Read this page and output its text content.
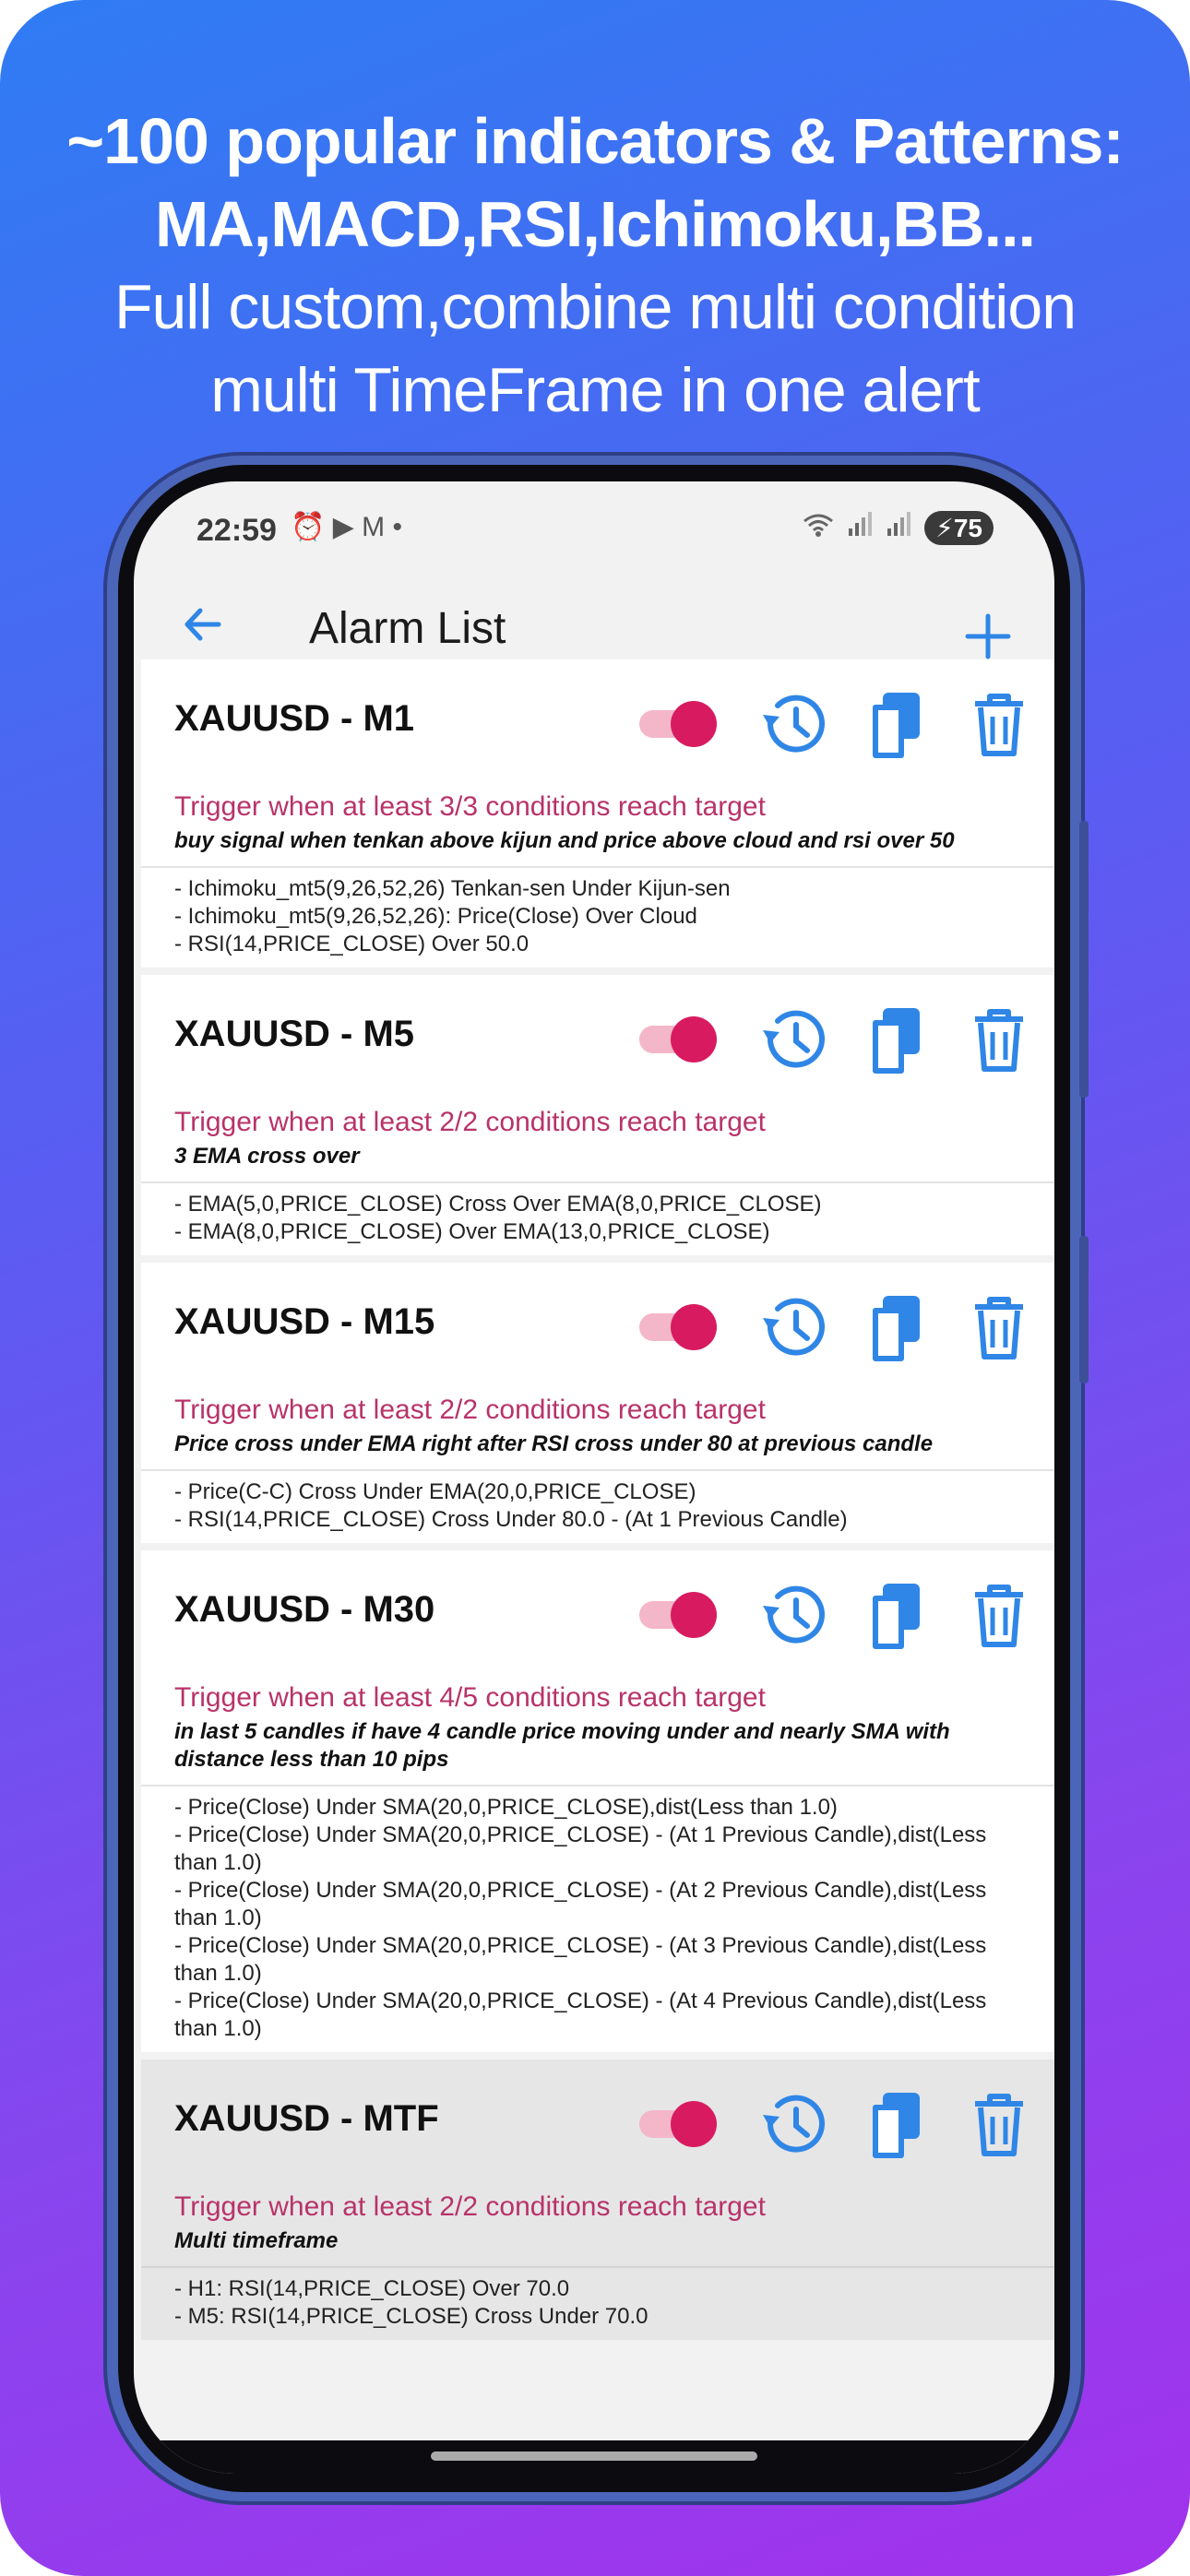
~100 popular indicators & Patterns:
MA,MACD,RSI,Ichimoku,BB...
Full custom,combine multi condition
multi TimeFrame in one alert
22:59 ⏰ ▶ M •	⚡75
Alarm List
XAUUSD - M1
Trigger when at least 3/3 conditions reach target
buy signal when tenkan above kijun and price above cloud and rsi over 50
- Ichimoku_mt5(9,26,52,26) Tenkan-sen Under Kijun-sen
- Ichimoku_mt5(9,26,52,26): Price(Close) Over Cloud
- RSI(14,PRICE_CLOSE) Over 50.0
XAUUSD - M5
Trigger when at least 2/2 conditions reach target
3 EMA cross over
- EMA(5,0,PRICE_CLOSE) Cross Over EMA(8,0,PRICE_CLOSE)
- EMA(8,0,PRICE_CLOSE) Over EMA(13,0,PRICE_CLOSE)
XAUUSD - M15
Trigger when at least 2/2 conditions reach target
Price cross under EMA right after RSI cross under 80 at previous candle
- Price(C-C) Cross Under EMA(20,0,PRICE_CLOSE)
- RSI(14,PRICE_CLOSE) Cross Under 80.0 - (At 1 Previous Candle)
XAUUSD - M30
Trigger when at least 4/5 conditions reach target
in last 5 candles if have 4 candle price moving under and nearly SMA with distance less than 10 pips
- Price(Close) Under SMA(20,0,PRICE_CLOSE),dist(Less than 1.0)
- Price(Close) Under SMA(20,0,PRICE_CLOSE) - (At 1 Previous Candle),dist(Less than 1.0)
- Price(Close) Under SMA(20,0,PRICE_CLOSE) - (At 2 Previous Candle),dist(Less than 1.0)
- Price(Close) Under SMA(20,0,PRICE_CLOSE) - (At 3 Previous Candle),dist(Less than 1.0)
- Price(Close) Under SMA(20,0,PRICE_CLOSE) - (At 4 Previous Candle),dist(Less than 1.0)
XAUUSD - MTF
Trigger when at least 2/2 conditions reach target
Multi timeframe
- H1: RSI(14,PRICE_CLOSE) Over 70.0
- M5: RSI(14,PRICE_CLOSE) Cross Under 70.0
